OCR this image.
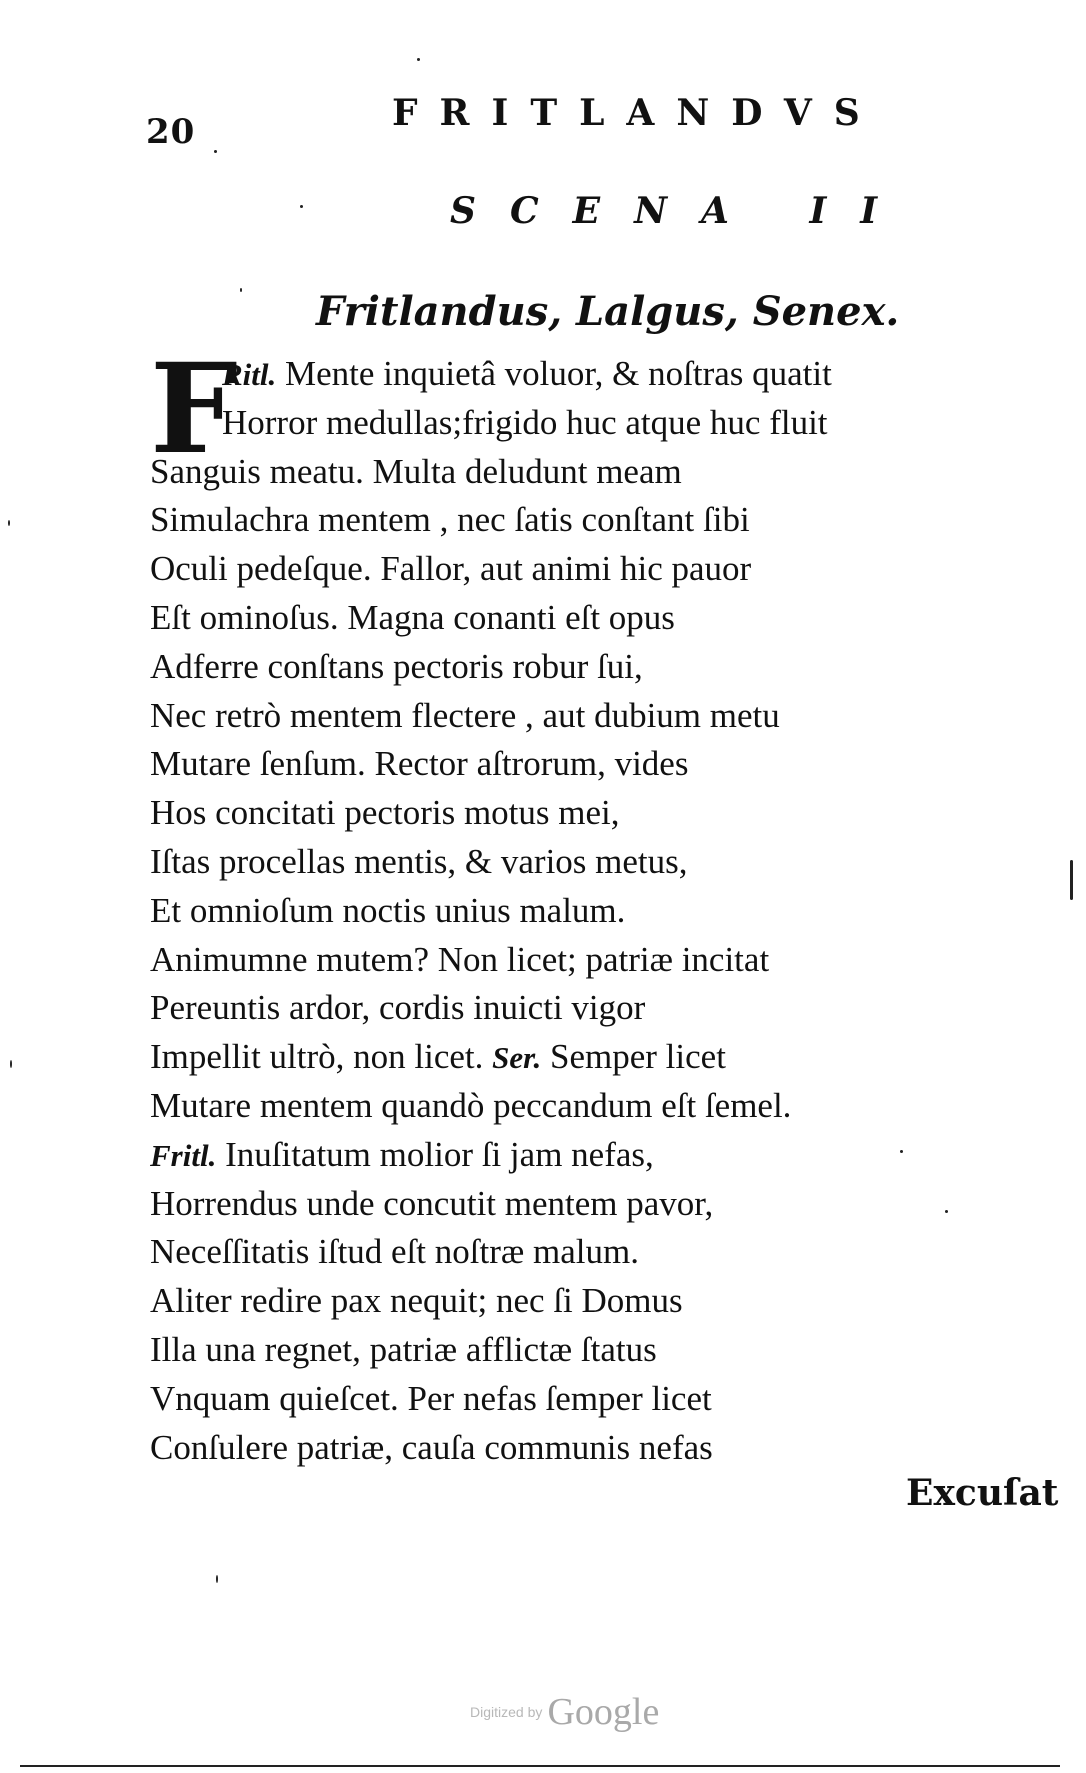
20	FRITLANDVS
SCENA II
Fritlandus, Lalgus, Senex.
F
Ritl. Mente inquietâ voluor, & noſtras quatit
Horror medullas;frigido huc atque huc fluit
Sanguis meatu. Multa deludunt meam
Simulachra mentem , nec ſatis conſtant ſibi
Oculi pedeſque. Fallor, aut animi hic pauor
Eſt ominoſus. Magna conanti eſt opus
Adferre conſtans pectoris robur ſui,
Nec retrò mentem flectere , aut dubium metu
Mutare ſenſum. Rector aſtrorum, vides
Hos concitati pectoris motus mei,
Iſtas procellas mentis, & varios metus,
Et omnioſum noctis unius malum.
Animumne mutem? Non licet; patriæ incitat
Pereuntis ardor, cordis inuicti vigor
Impellit ultrò, non licet. Ser. Semper licet
Mutare mentem quandò peccandum eſt ſemel.
Fritl. Inuſitatum molior ſi jam nefas,
Horrendus unde concutit mentem pavor,
Neceſſitatis iſtud eſt noſtræ malum.
Aliter redire pax nequit; nec ſi Domus
Illa una regnet, patriæ afflictæ ſtatus
Vnquam quieſcet. Per nefas ſemper licet
Conſulere patriæ, cauſa communis nefas
Excuſat
Digitized by Google
